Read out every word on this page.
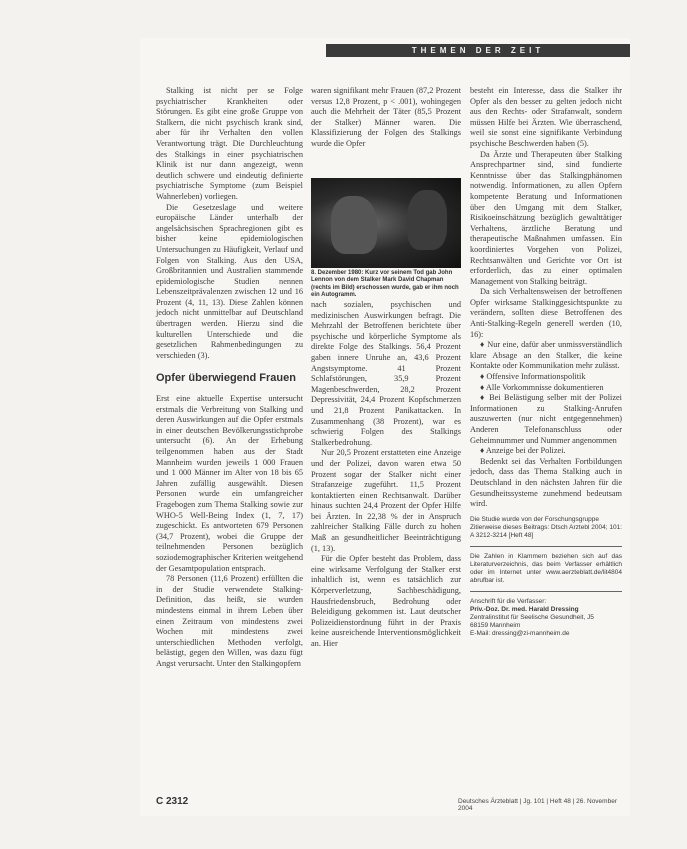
THEMEN DER ZEIT

Stalking ist nicht per se Folge psychiatrischer Krankheiten oder Störungen. Es gibt eine große Gruppe von Stalkern, die nicht psychisch krank sind, aber für ihr Verhalten den vollen Verantwortung trägt. Die Durchleuchtung des Stalkings in einer psychiatrischen Klinik ist nur dann angezeigt, wenn deutlich schwere und eindeutig definierte psychiatrische Symptome (zum Beispiel Wahnerleben) vorliegen.

Die Gesetzeslage und weitere europäische Länder unterhalb der angelsächsischen Sprachregionen gibt es bisher keine epidemiologischen Untersuchungen zu Häufigkeit, Verlauf und Folgen von Stalking. Aus den USA, Großbritannien und Australien stammende epidemiologische Studien nennen Lebenszeitprävalenzen zwischen 12 und 16 Prozent (4, 11, 13). Diese Zahlen können jedoch nicht unmittelbar auf Deutschland übertragen werden. Hierzu sind die kulturellen Unterschiede und die gesetzlichen Rahmenbedingungen zu verschieden (3).

Opfer überwiegend Frauen

Erst eine aktuelle Expertise untersucht erstmals die Verbreitung von Stalking und deren Auswirkungen auf die Opfer erstmals in einer deutschen Bevölkerungsstichprobe untersucht (6). An der Erhebung teilgenommen haben aus der Stadt Mannheim wurden jeweils 1 000 Frauen und 1 000 Männer im Alter von 18 bis 65 Jahren zufällig ausgewählt. Diesen Personen wurde ein umfangreicher Fragebogen zum Thema Stalking sowie zur WHO-5 Well-Being Index (1, 7, 17) zugeschickt. Es antworteten 679 Personen (34,7 Prozent), wobei die Gruppe der teilnehmenden Personen bezüglich soziodemographischer Kriterien weitgehend der Gesamtpopulation entsprach.

78 Personen (11,6 Prozent) erfüllten die in der Studie verwendete Stalking-Definition, das heißt, sie wurden mindestens einmal in ihrem Leben über einen Zeitraum von mindestens zwei Wochen mit mindestens zwei unterschiedlichen Methoden verfolgt, belästigt, gegen den Willen, was dazu fügt Angst verursacht. Unter den Stalkingopfern

waren signifikant mehr Frauen (87,2 Prozent versus 12,8 Prozent, p < .001), wohingegen auch die Mehrheit der Täter (85,5 Prozent der Stalker) Männer waren. Die Klassifizierung der Folgen des Stalkings wurde die Opfer

8. Dezember 1980: Kurz vor seinem Tod gab John Lennon von dem Stalker Mark David Chapman (rechts im Bild) erschossen wurde, gab er ihm noch ein Autogramm.

nach sozialen, psychischen und medizinischen Auswirkungen befragt. Die Mehrzahl der Betroffenen berichtete über psychische und körperliche Symptome als direkte Folge des Stalkings. 56,4 Prozent gaben innere Unruhe an, 43,6 Prozent Angstsymptome. 41 Prozent Schlafstörungen, 35,9 Prozent Magenbeschwerden, 28,2 Prozent Depressivität, 24,4 Prozent Kopfschmerzen und 21,8 Prozent Panikattacken. In Zusammenhang (38 Prozent), war es schwierig Folgen des Stalkings Stalkerbedrohung.

Nur 20,5 Prozent erstatteten eine Anzeige und der Polizei, davon waren etwa 50 Prozent sogar der Stalker nicht einer Strafanzeige zugeführt. 11,5 Prozent kontaktierten einen Rechtsanwalt. Darüber hinaus suchten 24,4 Prozent der Opfer Hilfe bei Ärzten. In 22,38 % der in Anspruch zahlreicher Stalking Fälle durch zu hohen Maß an gesundheitlicher Beeinträchtigung (1, 13).

Für die Opfer besteht das Problem, dass eine wirksame Verfolgung der Stalker erst inhaltlich ist, wenn es tatsächlich zur Körperverletzung, Sachbeschädigung, Hausfriedensbruch, Bedrohung oder Beleidigung gekommen ist. Laut deutscher Polizeidienstordnung führt in der Praxis keine ausreichende Interventionsmöglichkeit an. Hier

besteht ein Interesse, dass die Stalker ihr Opfer als den besser zu gelten jedoch nicht aus den Rechts- oder Strafanwalt, sondern müssen Hilfe bei Ärzten. Wie überraschend, weil sie sonst eine signifikante Verbindung psychische Beschwerden haben (5).

Da Ärzte und Therapeuten über Stalking Ansprechpartner sind, sind fundierte Kenntnisse über das Stalkingphänomen notwendig. Informationen, zu allen Opfern kompetente Beratung und Informationen über den Umgang mit dem Stalker, Risikoeinschätzung bezüglich gewalttätiger Verhaltens, ärztliche Beratung und therapeutische Maßnahmen umfassen. Ein koordiniertes Vorgehen von Polizei, Rechtsanwälten und Gerichte vor Ort ist erforderlich, das zu einer optimalen Management von Stalking beiträgt.

Da sich Verhaltensweisen der betroffenen Opfer wirksame Stalkinggesichtspunkte zu verändern, sollten diese Betroffenen des Anti-Stalking-Regeln generell werden (10, 16):

♦ Nur eine, dafür aber unmissverständlich klare Absage an den Stalker, die keine Kontakte oder Kommunikation mehr zulässt.

♦ Offensive Informationspolitik

♦ Alle Vorkommnisse dokumentieren

♦ Bei Belästigung selber mit der Polizei Informationen zu Stalking-Anrufen auszuwerten (nur nicht entgegennehmen) Anderen Telefonanschluss oder Geheimnummer und Nummer angenommen

♦ Anzeige bei der Polizei.

Bedenkt sei das Verhalten Fortbildungen jedoch, dass das Thema Stalking auch in Deutschland in den nächsten Jahren für die Gesundheitssysteme zunehmend bedeutsam wird.

Die Studie wurde von der Forschungsgruppe
Zitierweise dieses Beitrags: Dtsch Arztebl 2004; 101: A 3212-3214 [Heft 48]
Die Zahlen in Klammern beziehen sich auf das Literaturverzeichnis, das beim Verfasser erhältlich oder im Internet unter www.aerzteblatt.de/lit4804 abrufbar ist.
Anschrift für die Verfasser:
Priv.-Doz. Dr. med. Harald Dressing
Zentralinstitut für Seelische Gesundheit, J5
68159 Mannheim
E-Mail: dressing@zi-mannheim.de
C 2312	Deutsches Ärzteblatt | Jg. 101 | Heft 48 | 26. November 2004
